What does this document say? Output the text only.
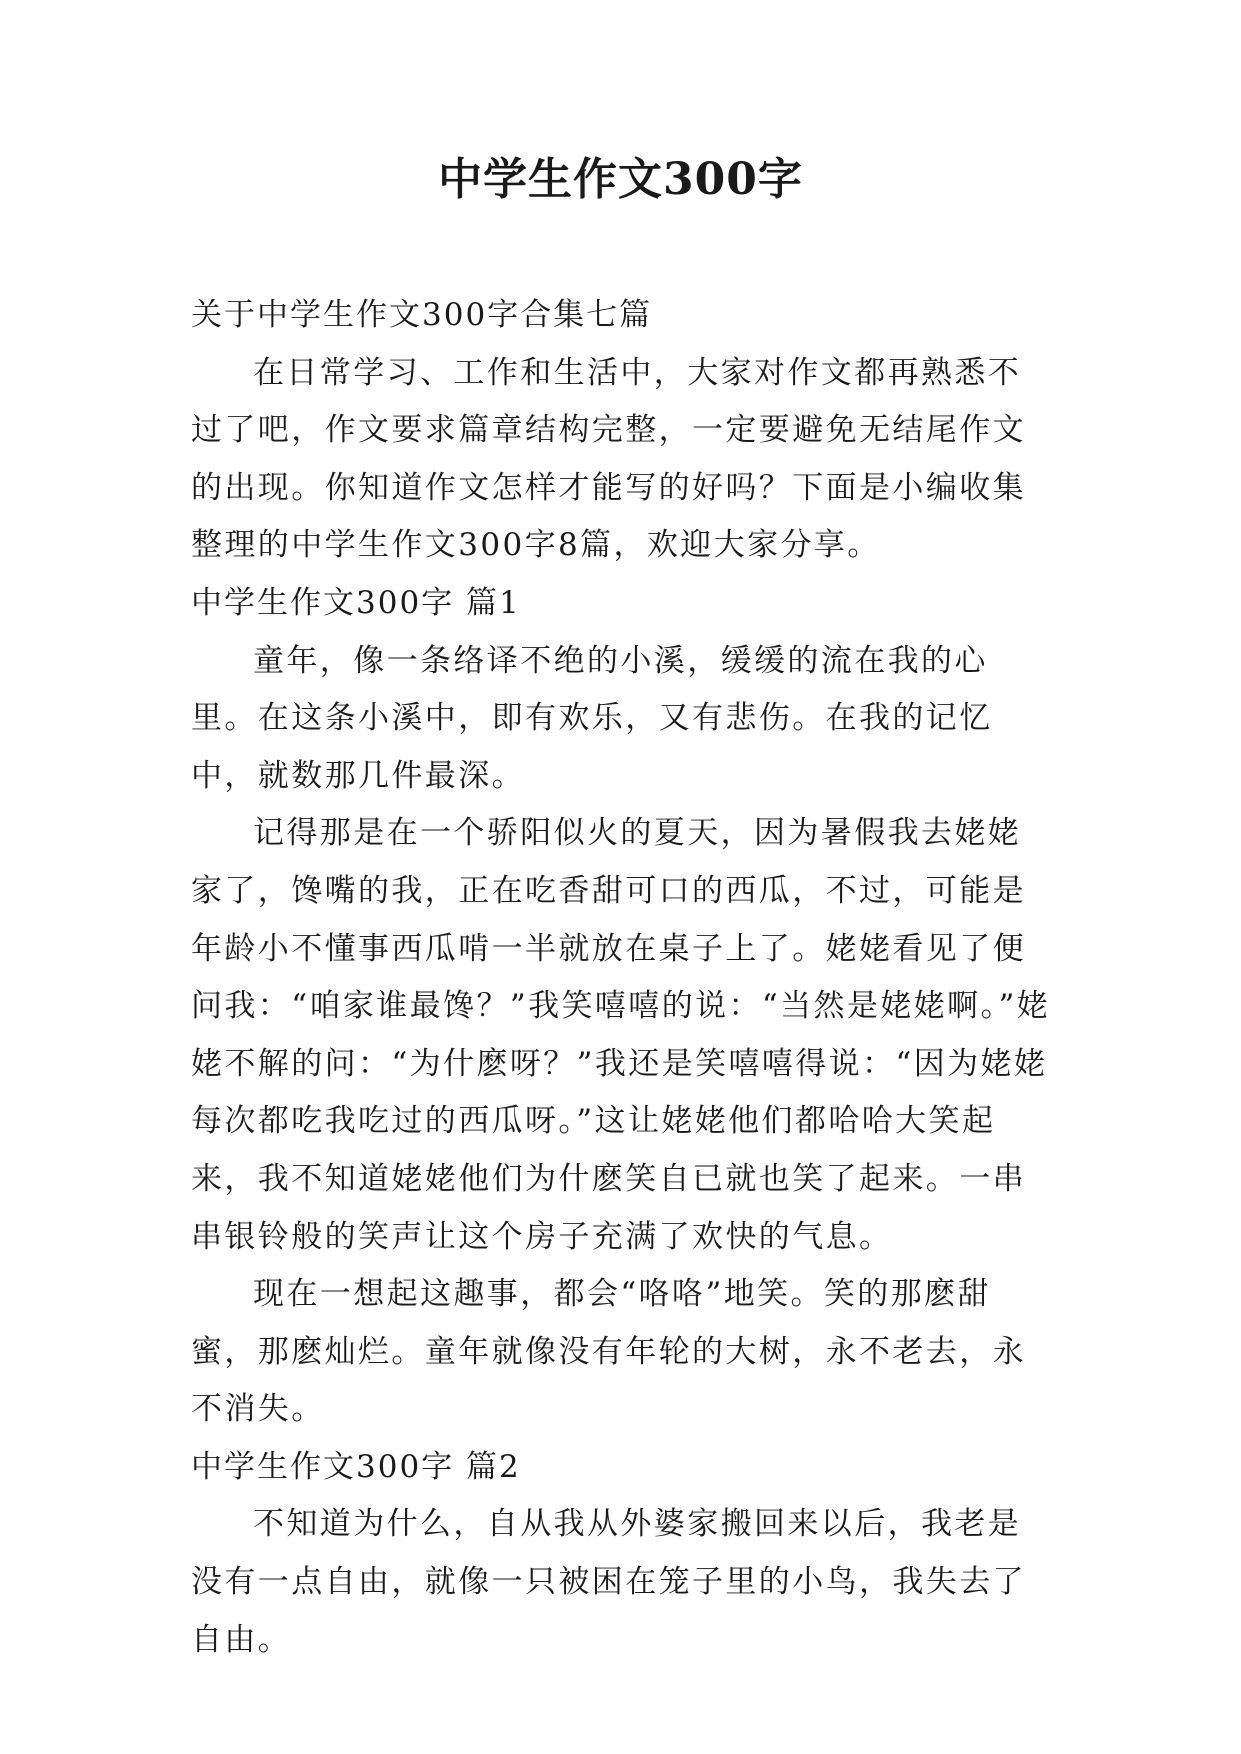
中学生作文300字

关于中学生作文300字合集七篇

在日常学习、工作和生活中，大家对作文都再熟悉不过了吧，作文要求篇章结构完整，一定要避免无结尾作文的出现。你知道作文怎样才能写的好吗？下面是小编收集整理的中学生作文300字8篇，欢迎大家分享。

中学生作文300字 篇1

童年，像一条络译不绝的小溪，缓缓的流在我的心里。在这条小溪中，即有欢乐，又有悲伤。在我的记忆中，就数那几件最深。

记得那是在一个骄阳似火的夏天，因为暑假我去姥姥家了，馋嘴的我，正在吃香甜可口的西瓜，不过，可能是年龄小不懂事西瓜啃一半就放在桌子上了。姥姥看见了便问我：“咱家谁最馋？”我笑嘻嘻的说：“当然是姥姥啊。”姥姥不解的问：“为什麽呀？”我还是笑嘻嘻得说：“因为姥姥每次都吃我吃过的西瓜呀。”这让姥姥他们都哈哈大笑起来，我不知道姥姥他们为什麽笑自已就也笑了起来。一串串银铃般的笑声让这个房子充满了欢快的气息。

现在一想起这趣事，都会“咯咯”地笑。笑的那麽甜蜜，那麽灿烂。童年就像没有年轮的大树，永不老去，永不消失。

中学生作文300字 篇2

不知道为什么，自从我从外婆家搬回来以后，我老是没有一点自由，就像一只被困在笼子里的小鸟，我失去了自由。
